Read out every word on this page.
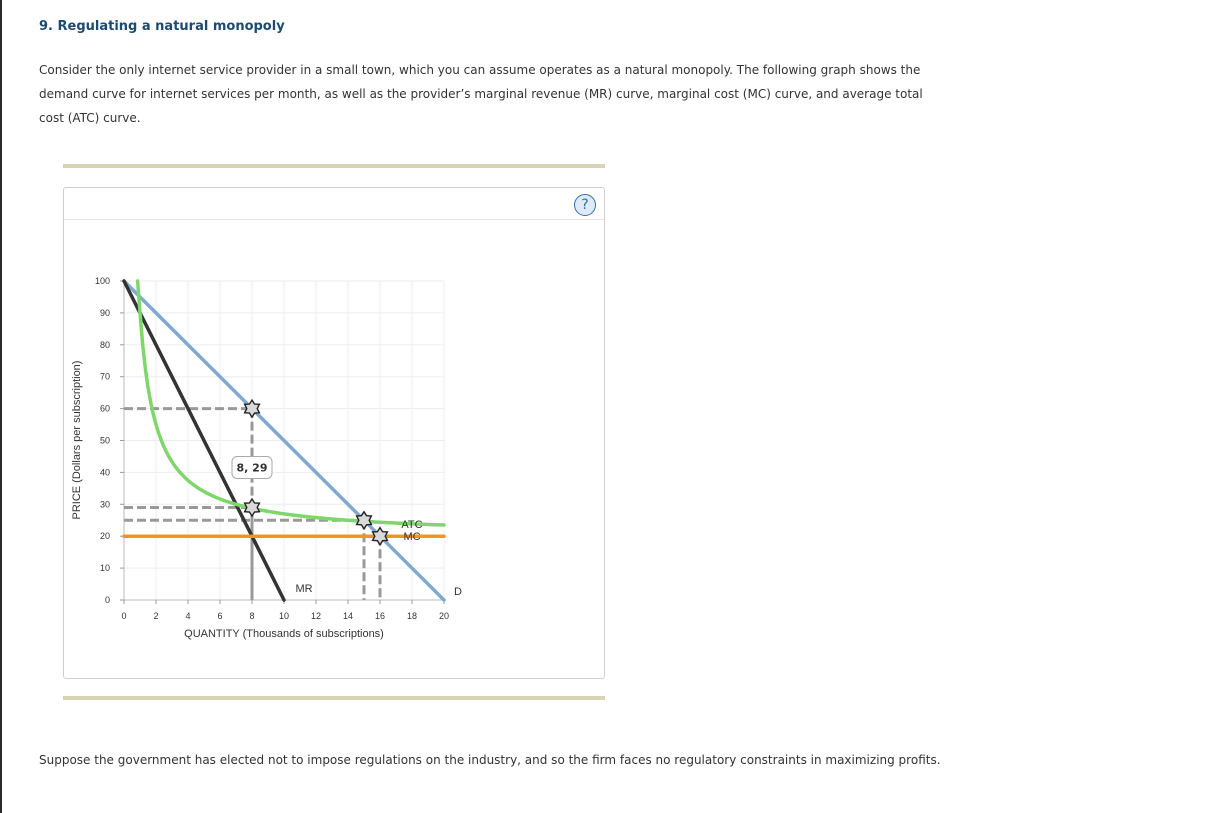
9. Regulating a natural monopoly

Consider the only internet service provider in a small town, which you can assume operates as a natural monopoly. The following graph shows the demand curve for internet services per month, as well as the provider’s marginal revenue (MR) curve, marginal cost (MC) curve, and average total cost (ATC) curve.

?
0	2	4	6	8	10 12 14 16 18 20
0
10
20
30
40
50
60
70
80
90
100
D
MR
MC
ATC
8, 29
QUANTITY (Thousands of subscriptions)
PRICE (Dollars per subscription)

Suppose the government has elected not to impose regulations on the industry, and so the firm faces no regulatory constraints in maximizing profits.
